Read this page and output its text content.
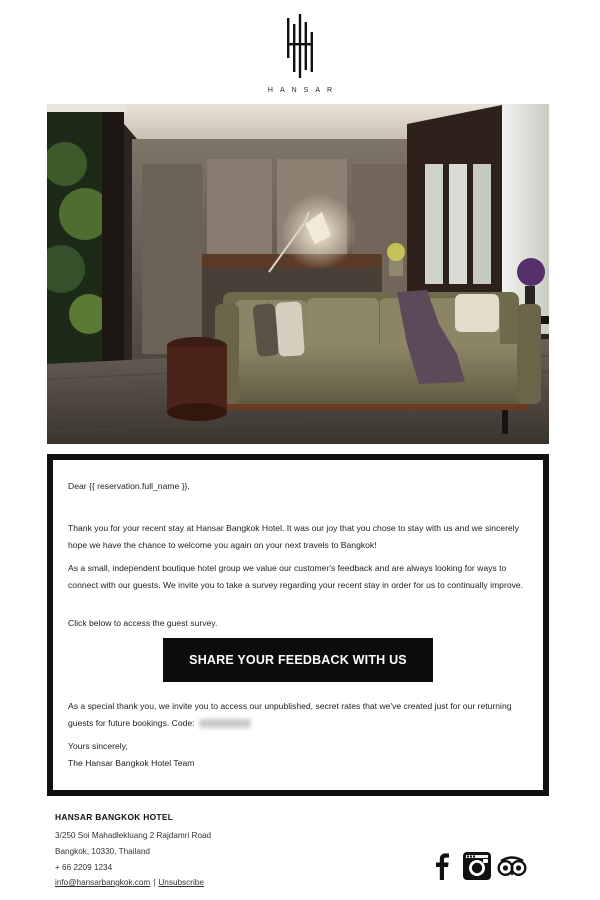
HANSAR

Dear {{ reservation.full_name }},

Thank you for your recent stay at Hansar Bangkok Hotel. It was our joy that you chose to stay with us and we sincerely hope we have the chance to welcome you again on your next travels to Bangkok!

As a small, independent boutique hotel group we value our customer's feedback and are always looking for ways to connect with our guests. We invite you to take a survey regarding your recent stay in order for us to continually improve.

Click below to access the guest survey.

SHARE YOUR FEEDBACK WITH US

As a special thank you, we invite you to access our unpublished, secret rates that we've created just for our returning guests for future bookings. Code:

Yours sincerely,

The Hansar Bangkok Hotel Team

HANSAR BANGKOK HOTEL

3/250 Soi Mahadlekluang 2 Rajdamri Road

Bangkok, 10330, Thailand

+ 66 2209 1234

info@hansarbangkok.com | Unsubscribe
